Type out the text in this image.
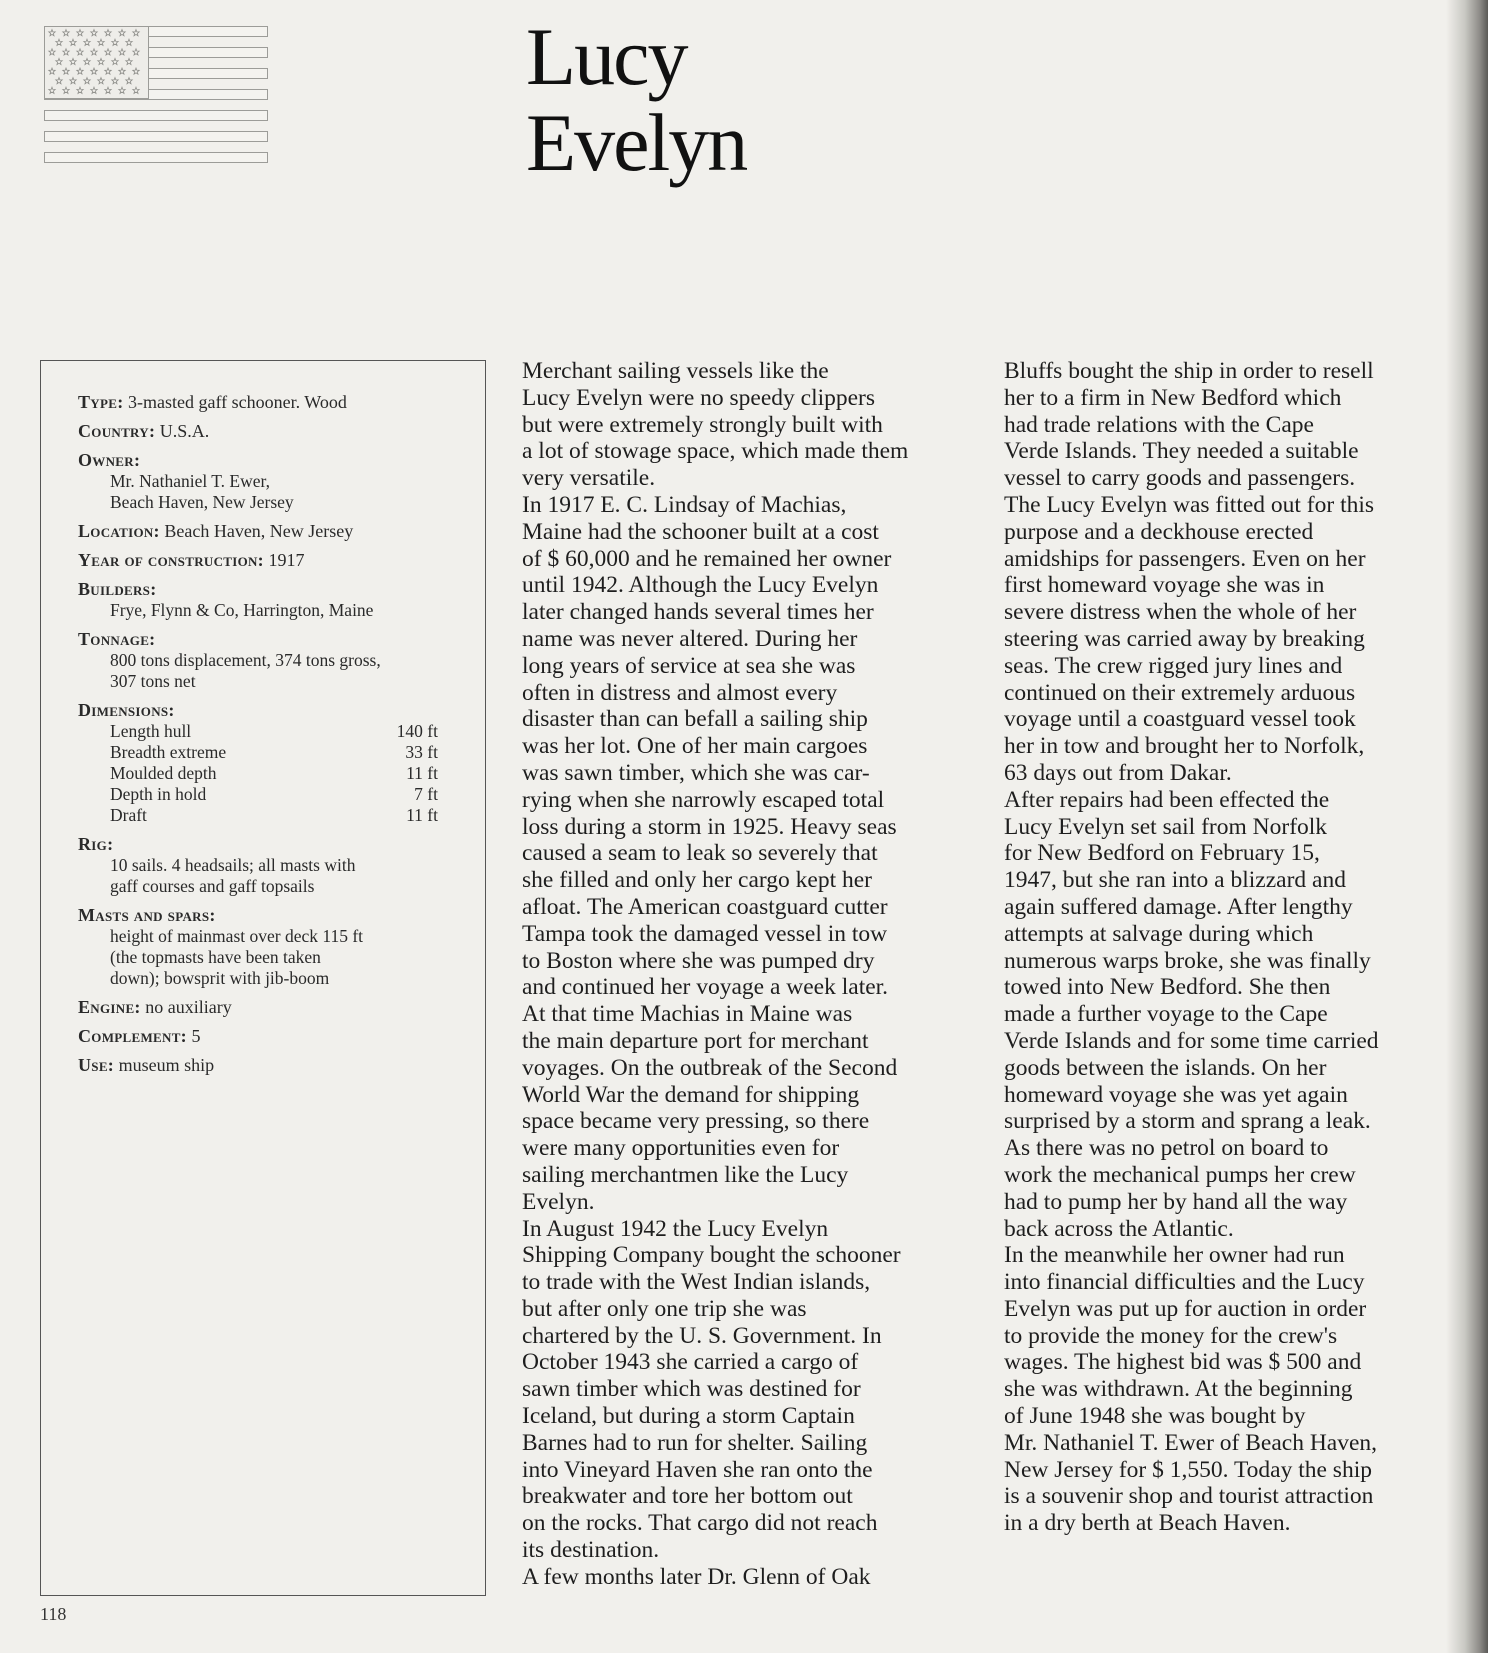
Lucy
Evelyn
Type: 3-masted gaff schooner. Wood
Country: U.S.A.
Owner:
Mr. Nathaniel T. Ewer,
Beach Haven, New Jersey
Location: Beach Haven, New Jersey
Year of construction: 1917
Builders:
Frye, Flynn & Co, Harrington, Maine
Tonnage:
800 tons displacement, 374 tons gross,
307 tons net
Dimensions:
Length hull	140 ft
Breadth extreme	33 ft
Moulded depth	11 ft
Depth in hold	7 ft
Draft	11 ft
Rig:
10 sails. 4 headsails; all masts with
gaff courses and gaff topsails
Masts and spars:
height of mainmast over deck 115 ft
(the topmasts have been taken
down); bowsprit with jib-boom
Engine: no auxiliary
Complement: 5
Use: museum ship

Merchant sailing vessels like the
Lucy Evelyn were no speedy clippers
but were extremely strongly built with
a lot of stowage space, which made them
very versatile.

In 1917 E. C. Lindsay of Machias,
Maine had the schooner built at a cost
of $ 60,000 and he remained her owner
until 1942. Although the Lucy Evelyn
later changed hands several times her
name was never altered. During her
long years of service at sea she was
often in distress and almost every
disaster than can befall a sailing ship
was her lot. One of her main cargoes
was sawn timber, which she was car-
rying when she narrowly escaped total
loss during a storm in 1925. Heavy seas
caused a seam to leak so severely that
she filled and only her cargo kept her
afloat. The American coastguard cutter
Tampa took the damaged vessel in tow
to Boston where she was pumped dry
and continued her voyage a week later.

At that time Machias in Maine was
the main departure port for merchant
voyages. On the outbreak of the Second
World War the demand for shipping
space became very pressing, so there
were many opportunities even for
sailing merchantmen like the Lucy
Evelyn.

In August 1942 the Lucy Evelyn
Shipping Company bought the schooner
to trade with the West Indian islands,
but after only one trip she was
chartered by the U. S. Government. In
October 1943 she carried a cargo of
sawn timber which was destined for
Iceland, but during a storm Captain
Barnes had to run for shelter. Sailing
into Vineyard Haven she ran onto the
breakwater and tore her bottom out
on the rocks. That cargo did not reach
its destination.

A few months later Dr. Glenn of Oak

Bluffs bought the ship in order to resell
her to a firm in New Bedford which
had trade relations with the Cape
Verde Islands. They needed a suitable
vessel to carry goods and passengers.
The Lucy Evelyn was fitted out for this
purpose and a deckhouse erected
amidships for passengers. Even on her
first homeward voyage she was in
severe distress when the whole of her
steering was carried away by breaking
seas. The crew rigged jury lines and
continued on their extremely arduous
voyage until a coastguard vessel took
her in tow and brought her to Norfolk,
63 days out from Dakar.

After repairs had been effected the
Lucy Evelyn set sail from Norfolk
for New Bedford on February 15,
1947, but she ran into a blizzard and
again suffered damage. After lengthy
attempts at salvage during which
numerous warps broke, she was finally
towed into New Bedford. She then
made a further voyage to the Cape
Verde Islands and for some time carried
goods between the islands. On her
homeward voyage she was yet again
surprised by a storm and sprang a leak.
As there was no petrol on board to
work the mechanical pumps her crew
had to pump her by hand all the way
back across the Atlantic.

In the meanwhile her owner had run
into financial difficulties and the Lucy
Evelyn was put up for auction in order
to provide the money for the crew's
wages. The highest bid was $ 500 and
she was withdrawn. At the beginning
of June 1948 she was bought by
Mr. Nathaniel T. Ewer of Beach Haven,
New Jersey for $ 1,550. Today the ship
is a souvenir shop and tourist attraction
in a dry berth at Beach Haven.

118
